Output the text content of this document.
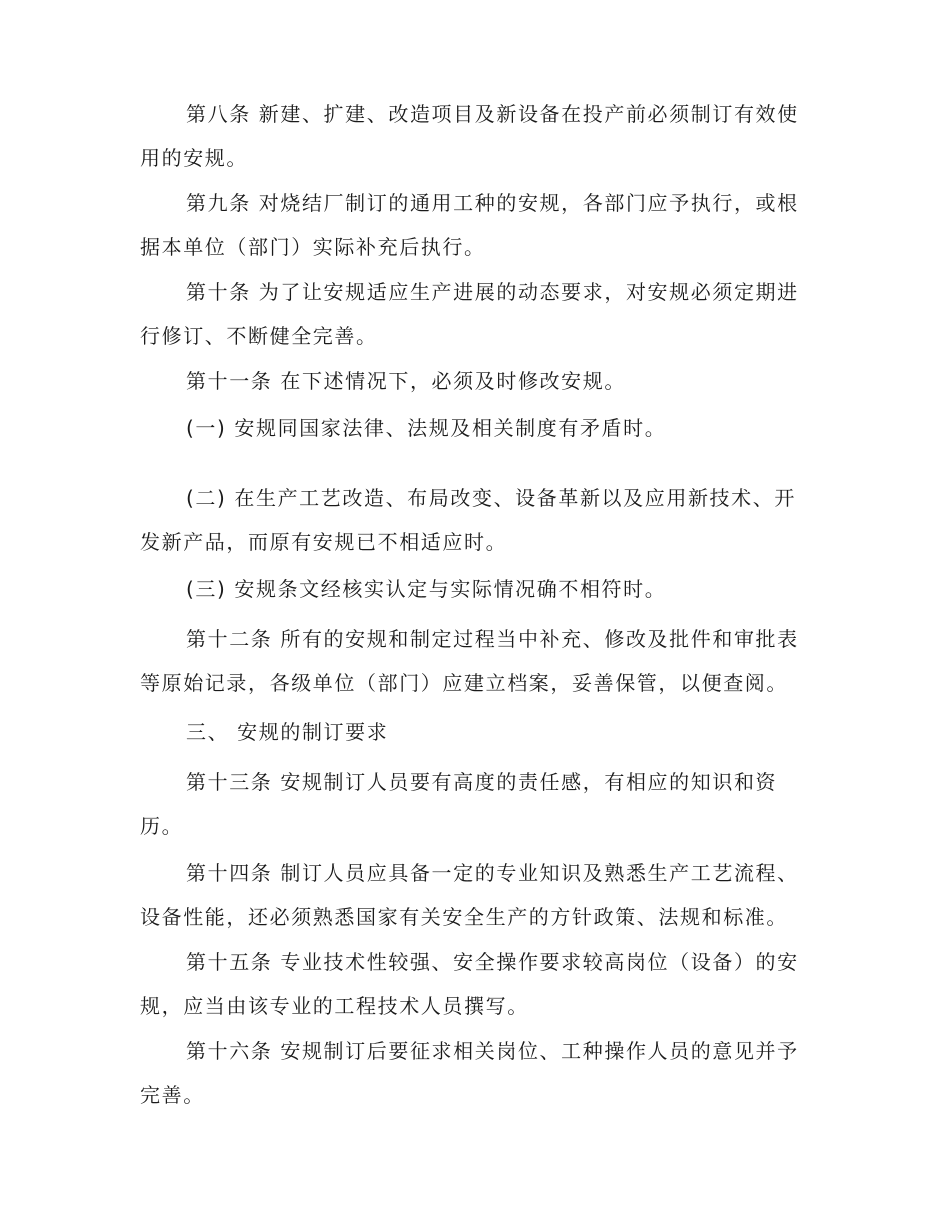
第八条 新建、扩建、改造项目及新设备在投产前必须制订有效使用的安规。

第九条 对烧结厂制订的通用工种的安规，各部门应予执行，或根据本单位（部门）实际补充后执行。

第十条 为了让安规适应生产进展的动态要求，对安规必须定期进行修订、不断健全完善。

第十一条 在下述情况下，必须及时修改安规。

(一) 安规同国家法律、法规及相关制度有矛盾时。

(二) 在生产工艺改造、布局改变、设备革新以及应用新技术、开发新产品，而原有安规已不相适应时。

(三) 安规条文经核实认定与实际情况确不相符时。

第十二条 所有的安规和制定过程当中补充、修改及批件和审批表等原始记录，各级单位（部门）应建立档案，妥善保管，以便查阅。

三、 安规的制订要求

第十三条 安规制订人员要有高度的责任感，有相应的知识和资历。

第十四条 制订人员应具备一定的专业知识及熟悉生产工艺流程、设备性能，还必须熟悉国家有关安全生产的方针政策、法规和标准。

第十五条 专业技术性较强、安全操作要求较高岗位（设备）的安规，应当由该专业的工程技术人员撰写。

第十六条 安规制订后要征求相关岗位、工种操作人员的意见并予完善。
